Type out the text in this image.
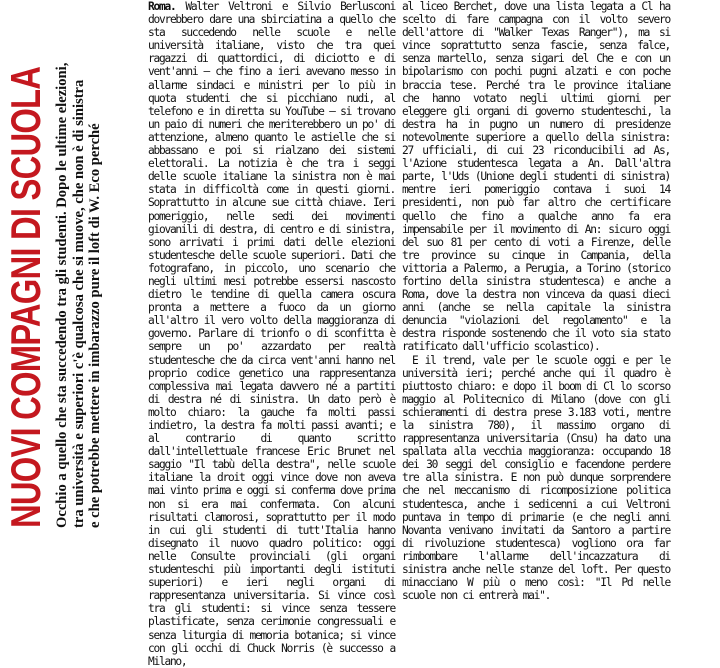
NUOVI COMPAGNI DI SCUOLA Occhio a quello che sta succedendo tra gli studenti. Dopo le ultime elezioni, tra università e superiori c'è qualcosa che si muove, che non è di sinistra e che potrebbe mettere in imbarazzo pure il loft di W. Eco perché

Roma. Walter Veltroni e Silvio Berlusconi dovrebbero dare una sbirciatina a quello che sta succedendo nelle scuole e nelle università italiane, visto che tra quei ragazzi di quattordici, di diciotto e di vent'anni – che fino a ieri avevano messo in allarme sindaci e ministri per lo più in quota studenti che si picchiano nudi, al telefono e in diretta su YouTube – si trovano un paio di numeri che meriterebbero un po' di attenzione, almeno quanto le astielle che si abbassano e poi si rialzano dei sistemi elettorali. La notizia è che tra i seggi delle scuole italiane la sinistra non è mai stata in difficoltà come in questi giorni. Soprattutto in alcune sue città chiave. Ieri pomeriggio, nelle sedi dei movimenti giovanili di destra, di centro e di sinistra, sono arrivati i primi dati delle elezioni studentesche delle scuole superiori. Dati che fotografano, in piccolo, uno scenario che negli ultimi mesi potrebbe essersi nascosto dietro le tendine di quella camera oscura pronta a mettere a fuoco da un giorno all'altro il vero volto della maggioranza di governo. Parlare di trionfo o di sconfitta è sempre un po' azzardato per realtà studentesche che da circa vent'anni hanno nel proprio codice genetico una rappresentanza complessiva mai legata davvero né a partiti di destra né di sinistra. Un dato però è molto chiaro: la gauche fa molti passi indietro, la destra fa molti passi avanti; e al contrario di quanto scritto dall'intellettuale francese Eric Brunet nel saggio "Il tabù della destra", nelle scuole italiane la droit oggi vince dove non aveva mai vinto prima e oggi si conferma dove prima non si era mai confermata. Con alcuni risultati clamorosi, soprattutto per il modo in cui gli studenti di tutt'Italia hanno disegnato il nuovo quadro politico: oggi nelle Consulte provinciali (gli organi studenteschi più importanti degli istituti superiori) e ieri negli organi di rappresentanza universitaria. Si vince così tra gli studenti: si vince senza tessere plastificate, senza cerimonie congressuali e senza liturgia di memoria botanica; si vince con gli occhi di Chuck Norris (è successo a Milano,

al liceo Berchet, dove una lista legata a Cl ha scelto di fare campagna con il volto severo dell'attore di "Walker Texas Ranger"), ma si vince soprattutto senza fascie, senza falce, senza martello, senza sigari del Che e con un bipolarismo con pochi pugni alzati e con poche braccia tese. Perché tra le province italiane che hanno votato negli ultimi giorni per eleggere gli organi di governo studenteschi, la destra ha in pugno un numero di presidenze notevolmente superiore a quello della sinistra: 27 ufficiali, di cui 23 riconducibili ad As, l'Azione studentesca legata a An. Dall'altra parte, l'Uds (Unione degli studenti di sinistra) mentre ieri pomeriggio contava i suoi 14 presidenti, non può far altro che certificare quello che fino a qualche anno fa era impensabile per il movimento di An: sicuro oggi del suo 81 per cento di voti a Firenze, delle tre province su cinque in Campania, della vittoria a Palermo, a Perugia, a Torino (storico fortino della sinistra studentesca) e anche a Roma, dove la destra non vinceva da quasi dieci anni (anche se nella capitale la sinistra denuncia "violazioni del regolamento" e la destra risponde sostenendo che il voto sia stato ratificato dall'ufficio scolastico).

E il trend, vale per le scuole oggi e per le università ieri; perché anche qui il quadro è piuttosto chiaro: e dopo il boom di Cl lo scorso maggio al Politecnico di Milano (dove con gli schieramenti di destra prese 3.183 voti, mentre la sinistra 780), il massimo organo di rappresentanza universitaria (Cnsu) ha dato una spallata alla vecchia maggioranza: occupando 18 dei 30 seggi del consiglio e facendone perdere tre alla sinistra. E non può dunque sorprendere che nel meccanismo di ricomposizione politica studentesca, anche i sedicenni a cui Veltroni puntava in tempo di primarie (e che negli anni Novanta venivano invitati da Santoro a partire di rivoluzione studentesca) vogliono ora far rimbombare l'allarme dell'incazzatura di sinistra anche nelle stanze del loft. Per questo minacciano W più o meno così: "Il Pd nelle scuole non ci entrerà mai".
